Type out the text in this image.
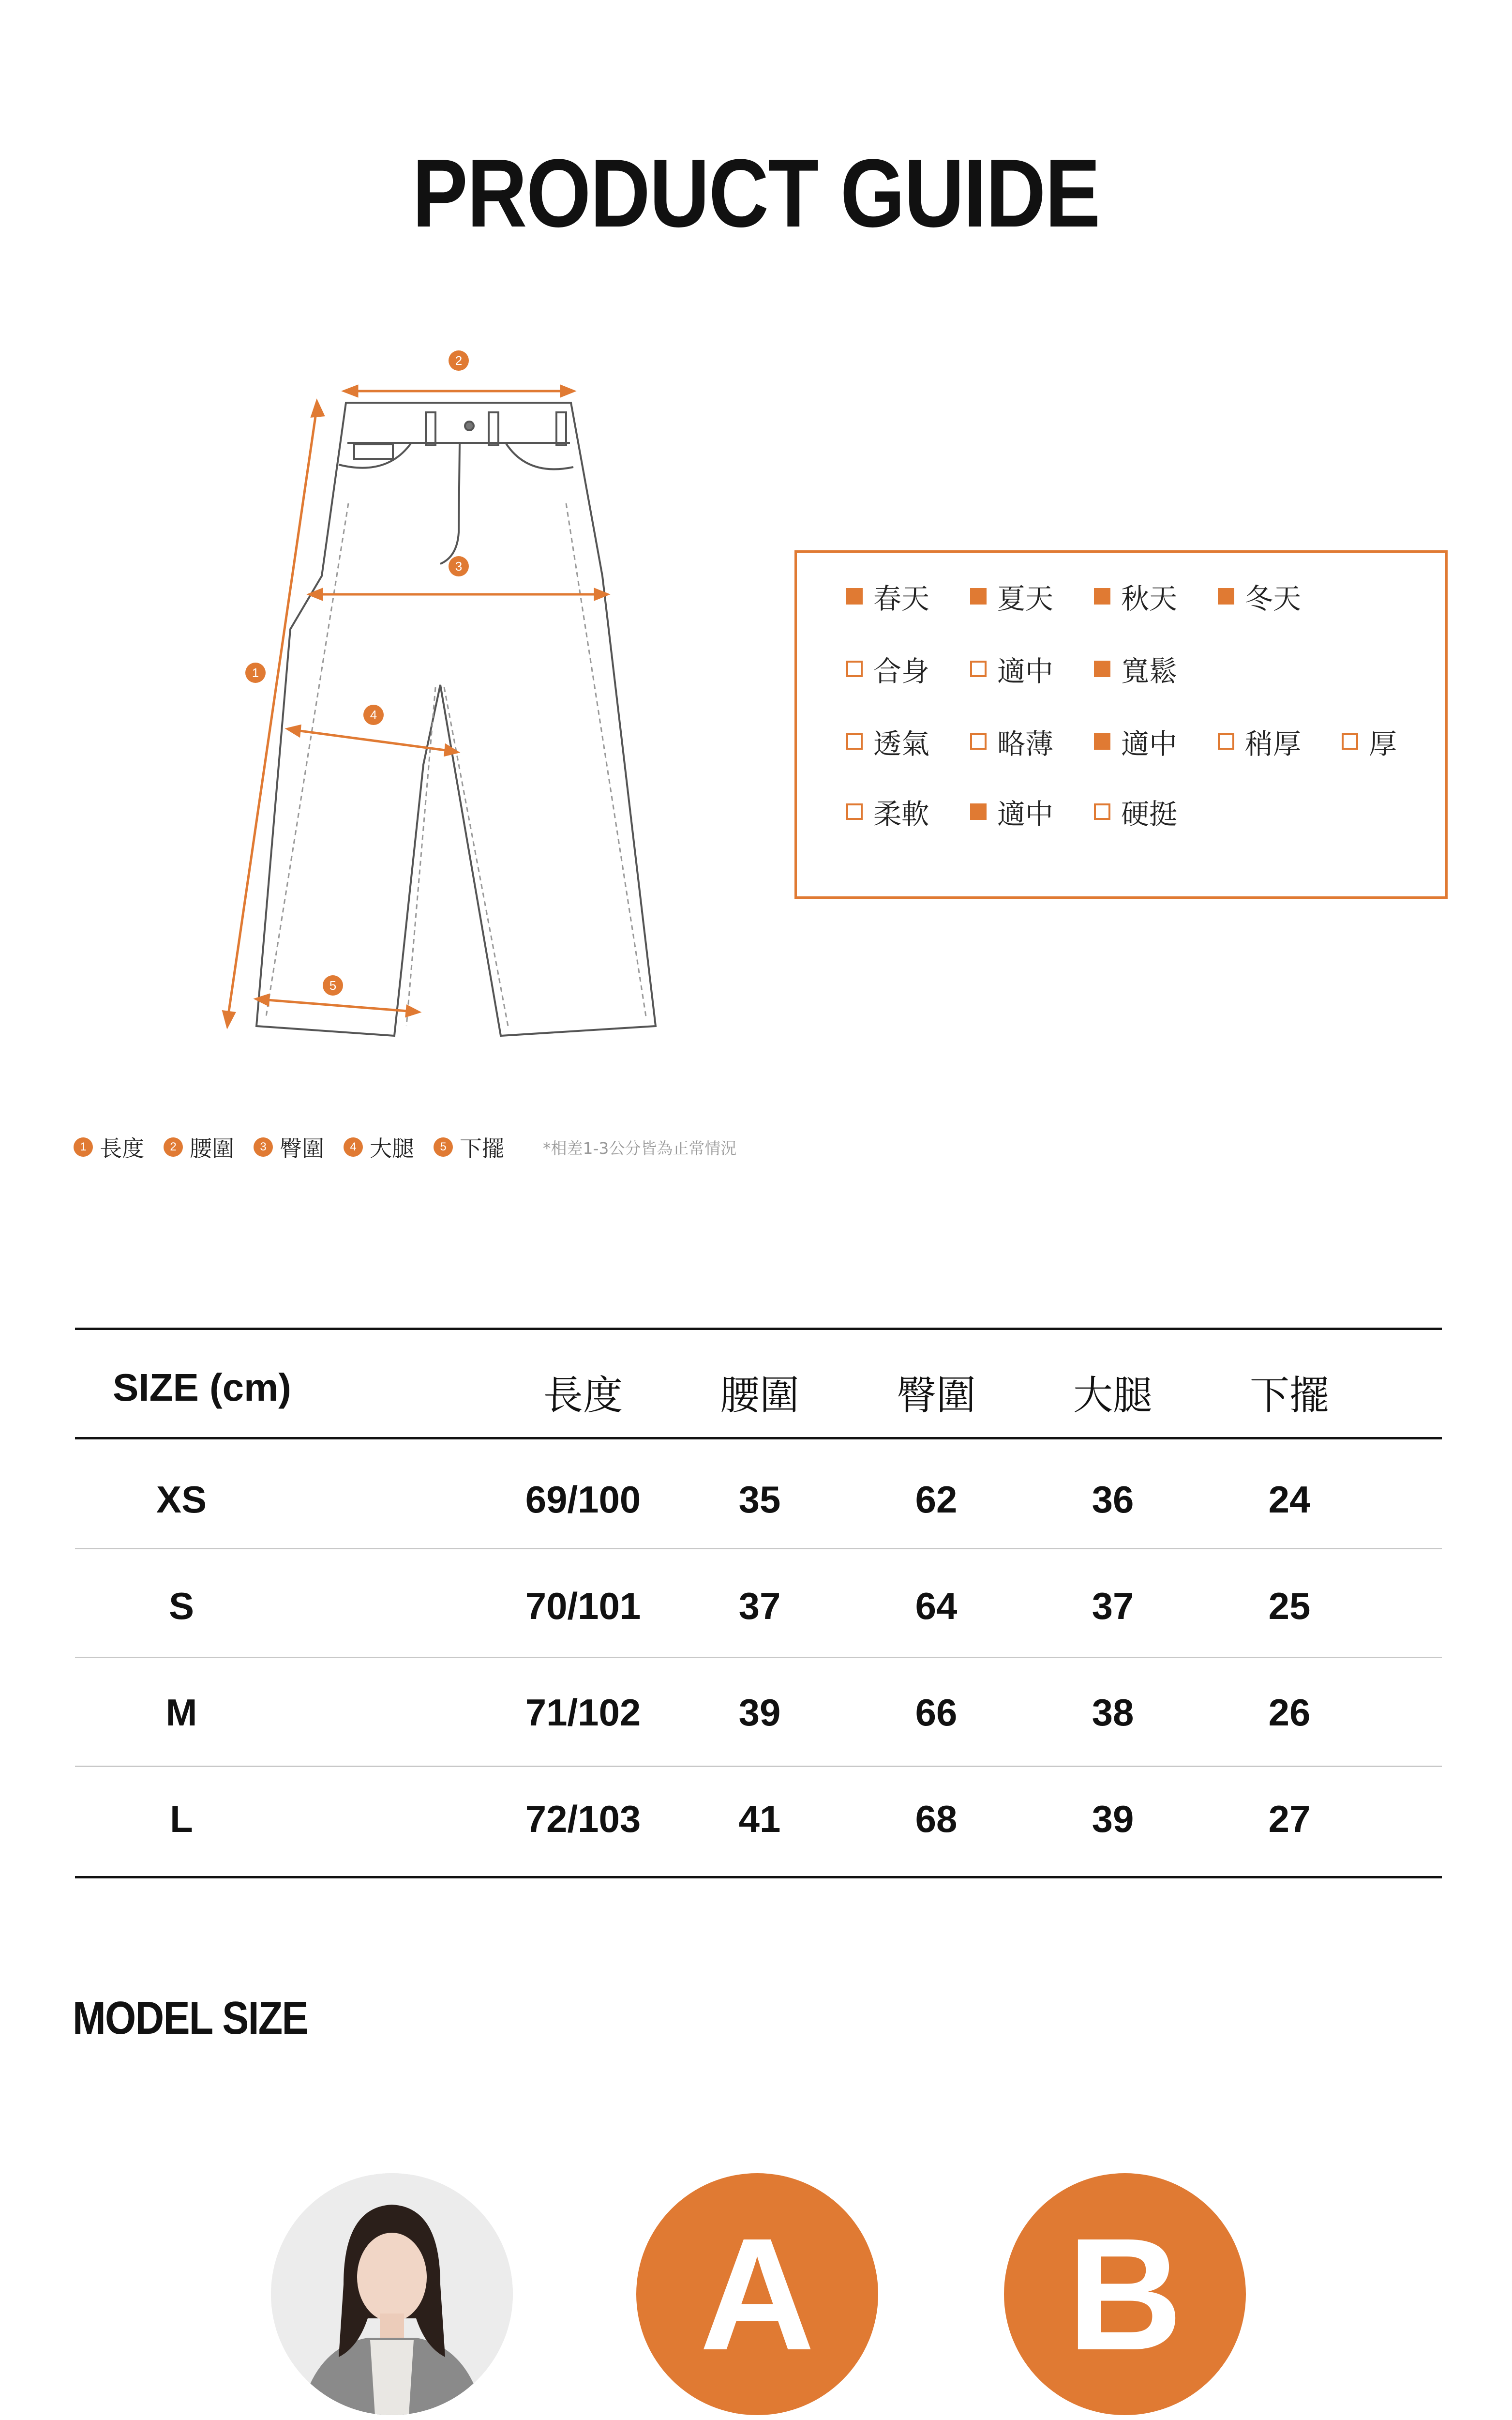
PRODUCT GUIDE
1
2
3
4
5
春天 夏天 秋天 冬天
合身 適中 寬鬆
透氣 略薄 適中 稍厚 厚
柔軟 適中 硬挺
1 長度	2 腰圍	3 臀圍	4 大腿	5 下擺 *相差1-3公分皆為正常情況
SIZE (cm)	長度	腰圍	臀圍	大腿	下擺
XS	69/100	35	62	36	24
S	70/101	37	64	37	25
M	71/102	39	66	38	26
L	72/103	41	68	39	27
MODEL SIZE
A	B
